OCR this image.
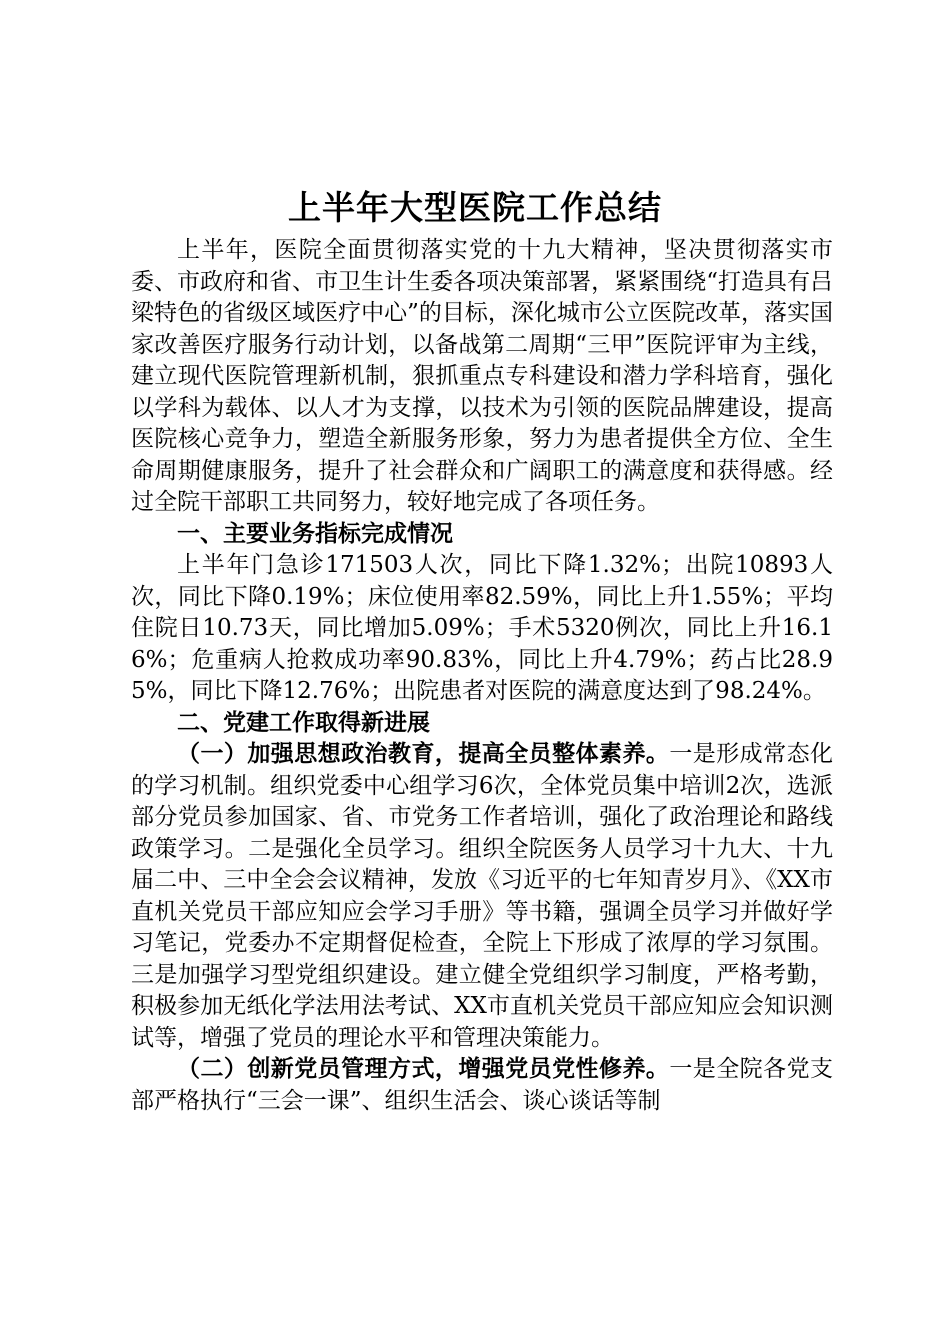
上半年大型医院工作总结

上半年，医院全面贯彻落实党的十九大精神，坚决贯彻落实市委、市政府和省、市卫生计生委各项决策部署，紧紧围绕“打造具有吕梁特色的省级区域医疗中心”的目标，深化城市公立医院改革，落实国家改善医疗服务行动计划，以备战第二周期“三甲”医院评审为主线，建立现代医院管理新机制，狠抓重点专科建设和潜力学科培育，强化以学科为载体、以人才为支撑，以技术为引领的医院品牌建设，提高医院核心竞争力，塑造全新服务形象，努力为患者提供全方位、全生命周期健康服务，提升了社会群众和广阔职工的满意度和获得感。经过全院干部职工共同努力，较好地完成了各项任务。

一、主要业务指标完成情况

上半年门急诊171503人次，同比下降1.32%；出院10893人次，同比下降0.19%；床位使用率82.59%，同比上升1.55%；平均住院日10.73天，同比增加5.09%；手术5320例次，同比上升16.16%；危重病人抢救成功率90.83%，同比上升4.79%；药占比28.95%，同比下降12.76%；出院患者对医院的满意度达到了98.24%。

二、党建工作取得新进展

（一）加强思想政治教育，提高全员整体素养。一是形成常态化的学习机制。组织党委中心组学习6次，全体党员集中培训2次，选派部分党员参加国家、省、市党务工作者培训，强化了政治理论和路线政策学习。二是强化全员学习。组织全院医务人员学习十九大、十九届二中、三中全会会议精神，发放《习近平的七年知青岁月》、《XX市直机关党员干部应知应会学习手册》等书籍，强调全员学习并做好学习笔记，党委办不定期督促检查，全院上下形成了浓厚的学习氛围。三是加强学习型党组织建设。建立健全党组织学习制度，严格考勤，积极参加无纸化学法用法考试、XX市直机关党员干部应知应会知识测试等，增强了党员的理论水平和管理决策能力。

（二）创新党员管理方式，增强党员党性修养。一是全院各党支部严格执行“三会一课”、组织生活会、谈心谈话等制
